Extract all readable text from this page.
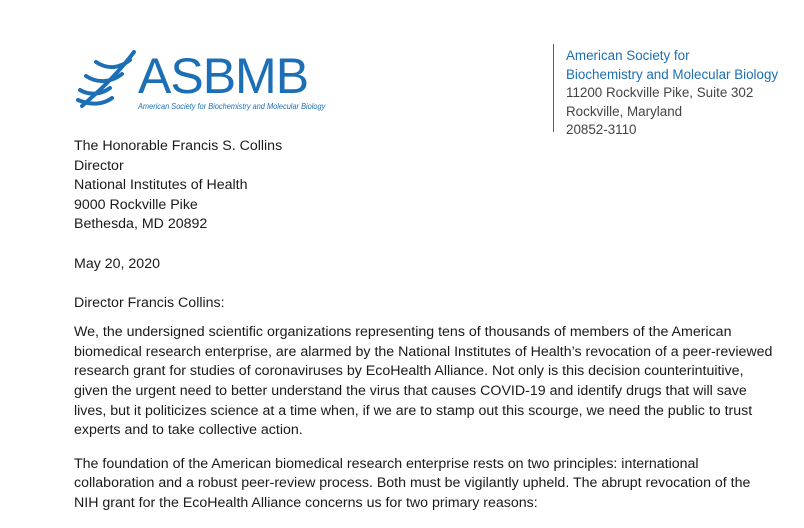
ASBMB
American Society for Biochemistry and Molecular Biology
American Society for
Biochemistry and Molecular Biology
11200 Rockville Pike, Suite 302
Rockville, Maryland
20852-3110

The Honorable Francis S. Collins
Director
National Institutes of Health
9000 Rockville Pike
Bethesda, MD 20892

May 20, 2020

Director Francis Collins:

We, the undersigned scientific organizations representing tens of thousands of members of the American
biomedical research enterprise, are alarmed by the National Institutes of Health’s revocation of a peer-reviewed
research grant for studies of coronaviruses by EcoHealth Alliance. Not only is this decision counterintuitive,
given the urgent need to better understand the virus that causes COVID-19 and identify drugs that will save
lives, but it politicizes science at a time when, if we are to stamp out this scourge, we need the public to trust
experts and to take collective action.

The foundation of the American biomedical research enterprise rests on two principles: international
collaboration and a robust peer-review process. Both must be vigilantly upheld. The abrupt revocation of the
NIH grant for the EcoHealth Alliance concerns us for two primary reasons:
